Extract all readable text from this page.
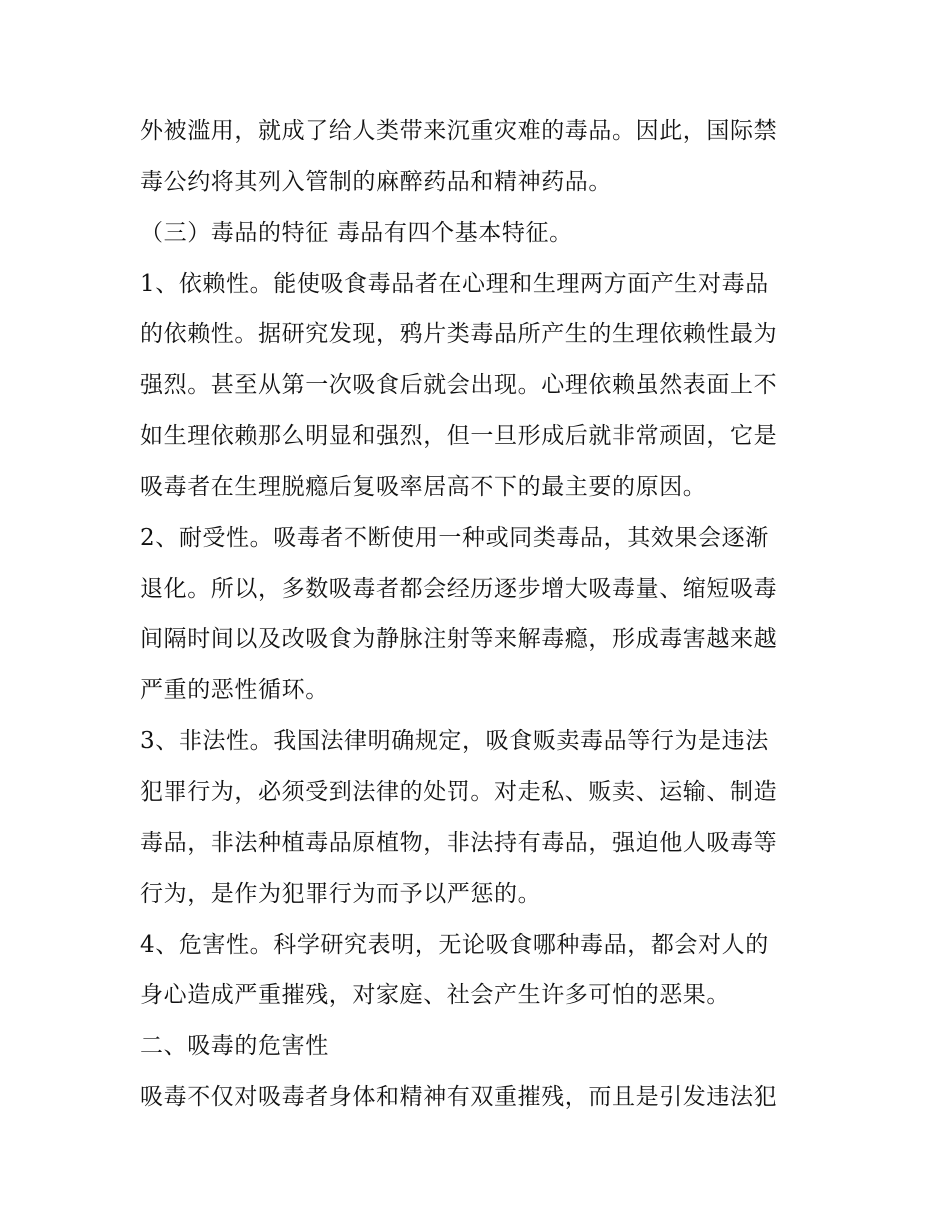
外被滥用，就成了给人类带来沉重灾难的毒品。因此，国际禁
毒公约将其列入管制的麻醉药品和精神药品。
（三）毒品的特征 毒品有四个基本特征。
1、依赖性。能使吸食毒品者在心理和生理两方面产生对毒品
的依赖性。据研究发现，鸦片类毒品所产生的生理依赖性最为
强烈。甚至从第一次吸食后就会出现。心理依赖虽然表面上不
如生理依赖那么明显和强烈，但一旦形成后就非常顽固，它是
吸毒者在生理脱瘾后复吸率居高不下的最主要的原因。
2、耐受性。吸毒者不断使用一种或同类毒品，其效果会逐渐
退化。所以，多数吸毒者都会经历逐步增大吸毒量、缩短吸毒
间隔时间以及改吸食为静脉注射等来解毒瘾，形成毒害越来越
严重的恶性循环。
3、非法性。我国法律明确规定，吸食贩卖毒品等行为是违法
犯罪行为，必须受到法律的处罚。对走私、贩卖、运输、制造
毒品，非法种植毒品原植物，非法持有毒品，强迫他人吸毒等
行为，是作为犯罪行为而予以严惩的。
4、危害性。科学研究表明，无论吸食哪种毒品，都会对人的
身心造成严重摧残，对家庭、社会产生许多可怕的恶果。
二、吸毒的危害性
吸毒不仅对吸毒者身体和精神有双重摧残，而且是引发违法犯
